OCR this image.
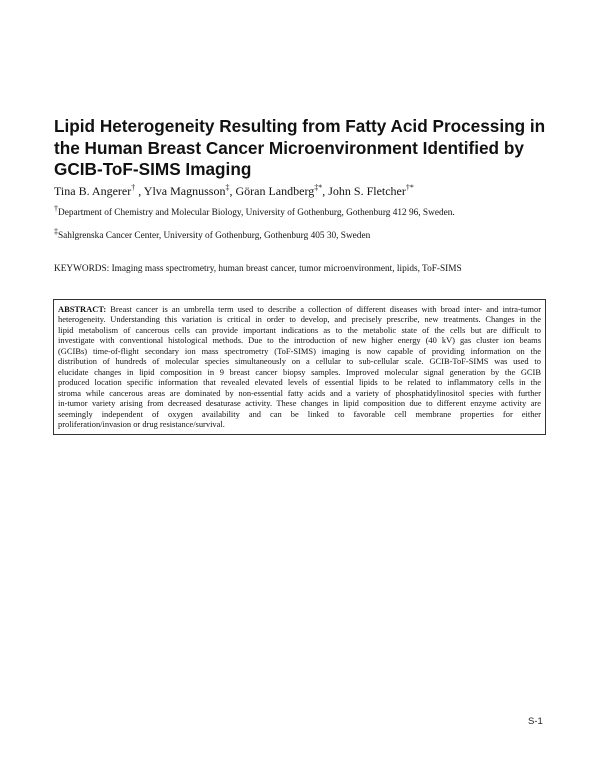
Lipid Heterogeneity Resulting from Fatty Acid Processing in
the Human Breast Cancer Microenvironment Identified by
GCIB-ToF-SIMS Imaging
Tina B. Angerer† , Ylva Magnusson‡, Göran Landberg‡*, John S. Fletcher†*
†Department of Chemistry and Molecular Biology, University of Gothenburg, Gothenburg 412 96, Sweden.
‡Sahlgrenska Cancer Center, University of Gothenburg, Gothenburg 405 30, Sweden
KEYWORDS: Imaging mass spectrometry, human breast cancer, tumor microenvironment, lipids, ToF-SIMS
ABSTRACT: Breast cancer is an umbrella term used to describe a collection of different diseases with broad inter- and intra-tumor
heterogeneity. Understanding this variation is critical in order to develop, and precisely prescribe, new treatments. Changes in the
lipid metabolism of cancerous cells can provide important indications as to the metabolic state of the cells but are difficult to
investigate with conventional histological methods. Due to the introduction of new higher energy (40 kV) gas cluster ion beams
(GCIBs) time-of-flight secondary ion mass spectrometry (ToF-SIMS) imaging is now capable of providing information on the
distribution of hundreds of molecular species simultaneously on a cellular to sub-cellular scale. GCIB-ToF-SIMS was used to
elucidate changes in lipid composition in 9 breast cancer biopsy samples. Improved molecular signal generation by the GCIB
produced location specific information that revealed elevated levels of essential lipids to be related to inflammatory cells in the
stroma while cancerous areas are dominated by non-essential fatty acids and a variety of phosphatidylinositol species with further
in-tumor variety arising from decreased desaturase activity. These changes in lipid composition due to different enzyme activity are
seemingly independent of oxygen availability and can be linked to favorable cell membrane properties for either
proliferation/invasion or drug resistance/survival.
S-1
